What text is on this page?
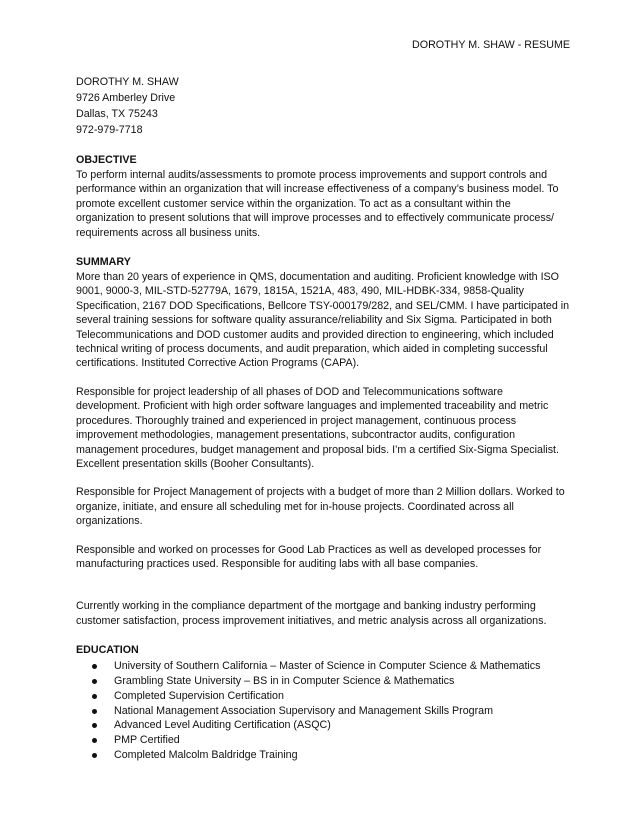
DOROTHY M. SHAW - RESUME
DOROTHY M. SHAW
9726 Amberley Drive
Dallas, TX 75243
972-979-7718
OBJECTIVE

To perform internal audits/assessments to promote process improvements and support controls and performance within an organization that will increase effectiveness of a company’s business model. To promote excellent customer service within the organization. To act as a consultant within the organization to present solutions that will improve processes and to effectively communicate process/ requirements across all business units.

SUMMARY

More than 20 years of experience in QMS, documentation and auditing. Proficient knowledge with ISO 9001, 9000-3, MIL-STD-52779A, 1679, 1815A, 1521A, 483, 490, MIL-HDBK-334, 9858-Quality Specification, 2167 DOD Specifications, Bellcore TSY-000179/282, and SEL/CMM. I have participated in several training sessions for software quality assurance/reliability and Six Sigma. Participated in both Telecommunications and DOD customer audits and provided direction to engineering, which included technical writing of process documents, and audit preparation, which aided in completing successful certifications. Instituted Corrective Action Programs (CAPA).

Responsible for project leadership of all phases of DOD and Telecommunications software development. Proficient with high order software languages and implemented traceability and metric procedures. Thoroughly trained and experienced in project management, continuous process improvement methodologies, management presentations, subcontractor audits, configuration management procedures, budget management and proposal bids. I’m a certified Six-Sigma Specialist. Excellent presentation skills (Booher Consultants).

Responsible for Project Management of projects with a budget of more than 2 Million dollars. Worked to organize, initiate, and ensure all scheduling met for in-house projects. Coordinated across all organizations.

Responsible and worked on processes for Good Lab Practices as well as developed processes for manufacturing practices used. Responsible for auditing labs with all base companies.

Currently working in the compliance department of the mortgage and banking industry performing customer satisfaction, process improvement initiatives, and metric analysis across all organizations.

EDUCATION
University of Southern California – Master of Science in Computer Science & Mathematics
Grambling State University – BS in in Computer Science & Mathematics
Completed Supervision Certification
National Management Association Supervisory and Management Skills Program
Advanced Level Auditing Certification (ASQC)
PMP Certified
Completed Malcolm Baldridge Training
